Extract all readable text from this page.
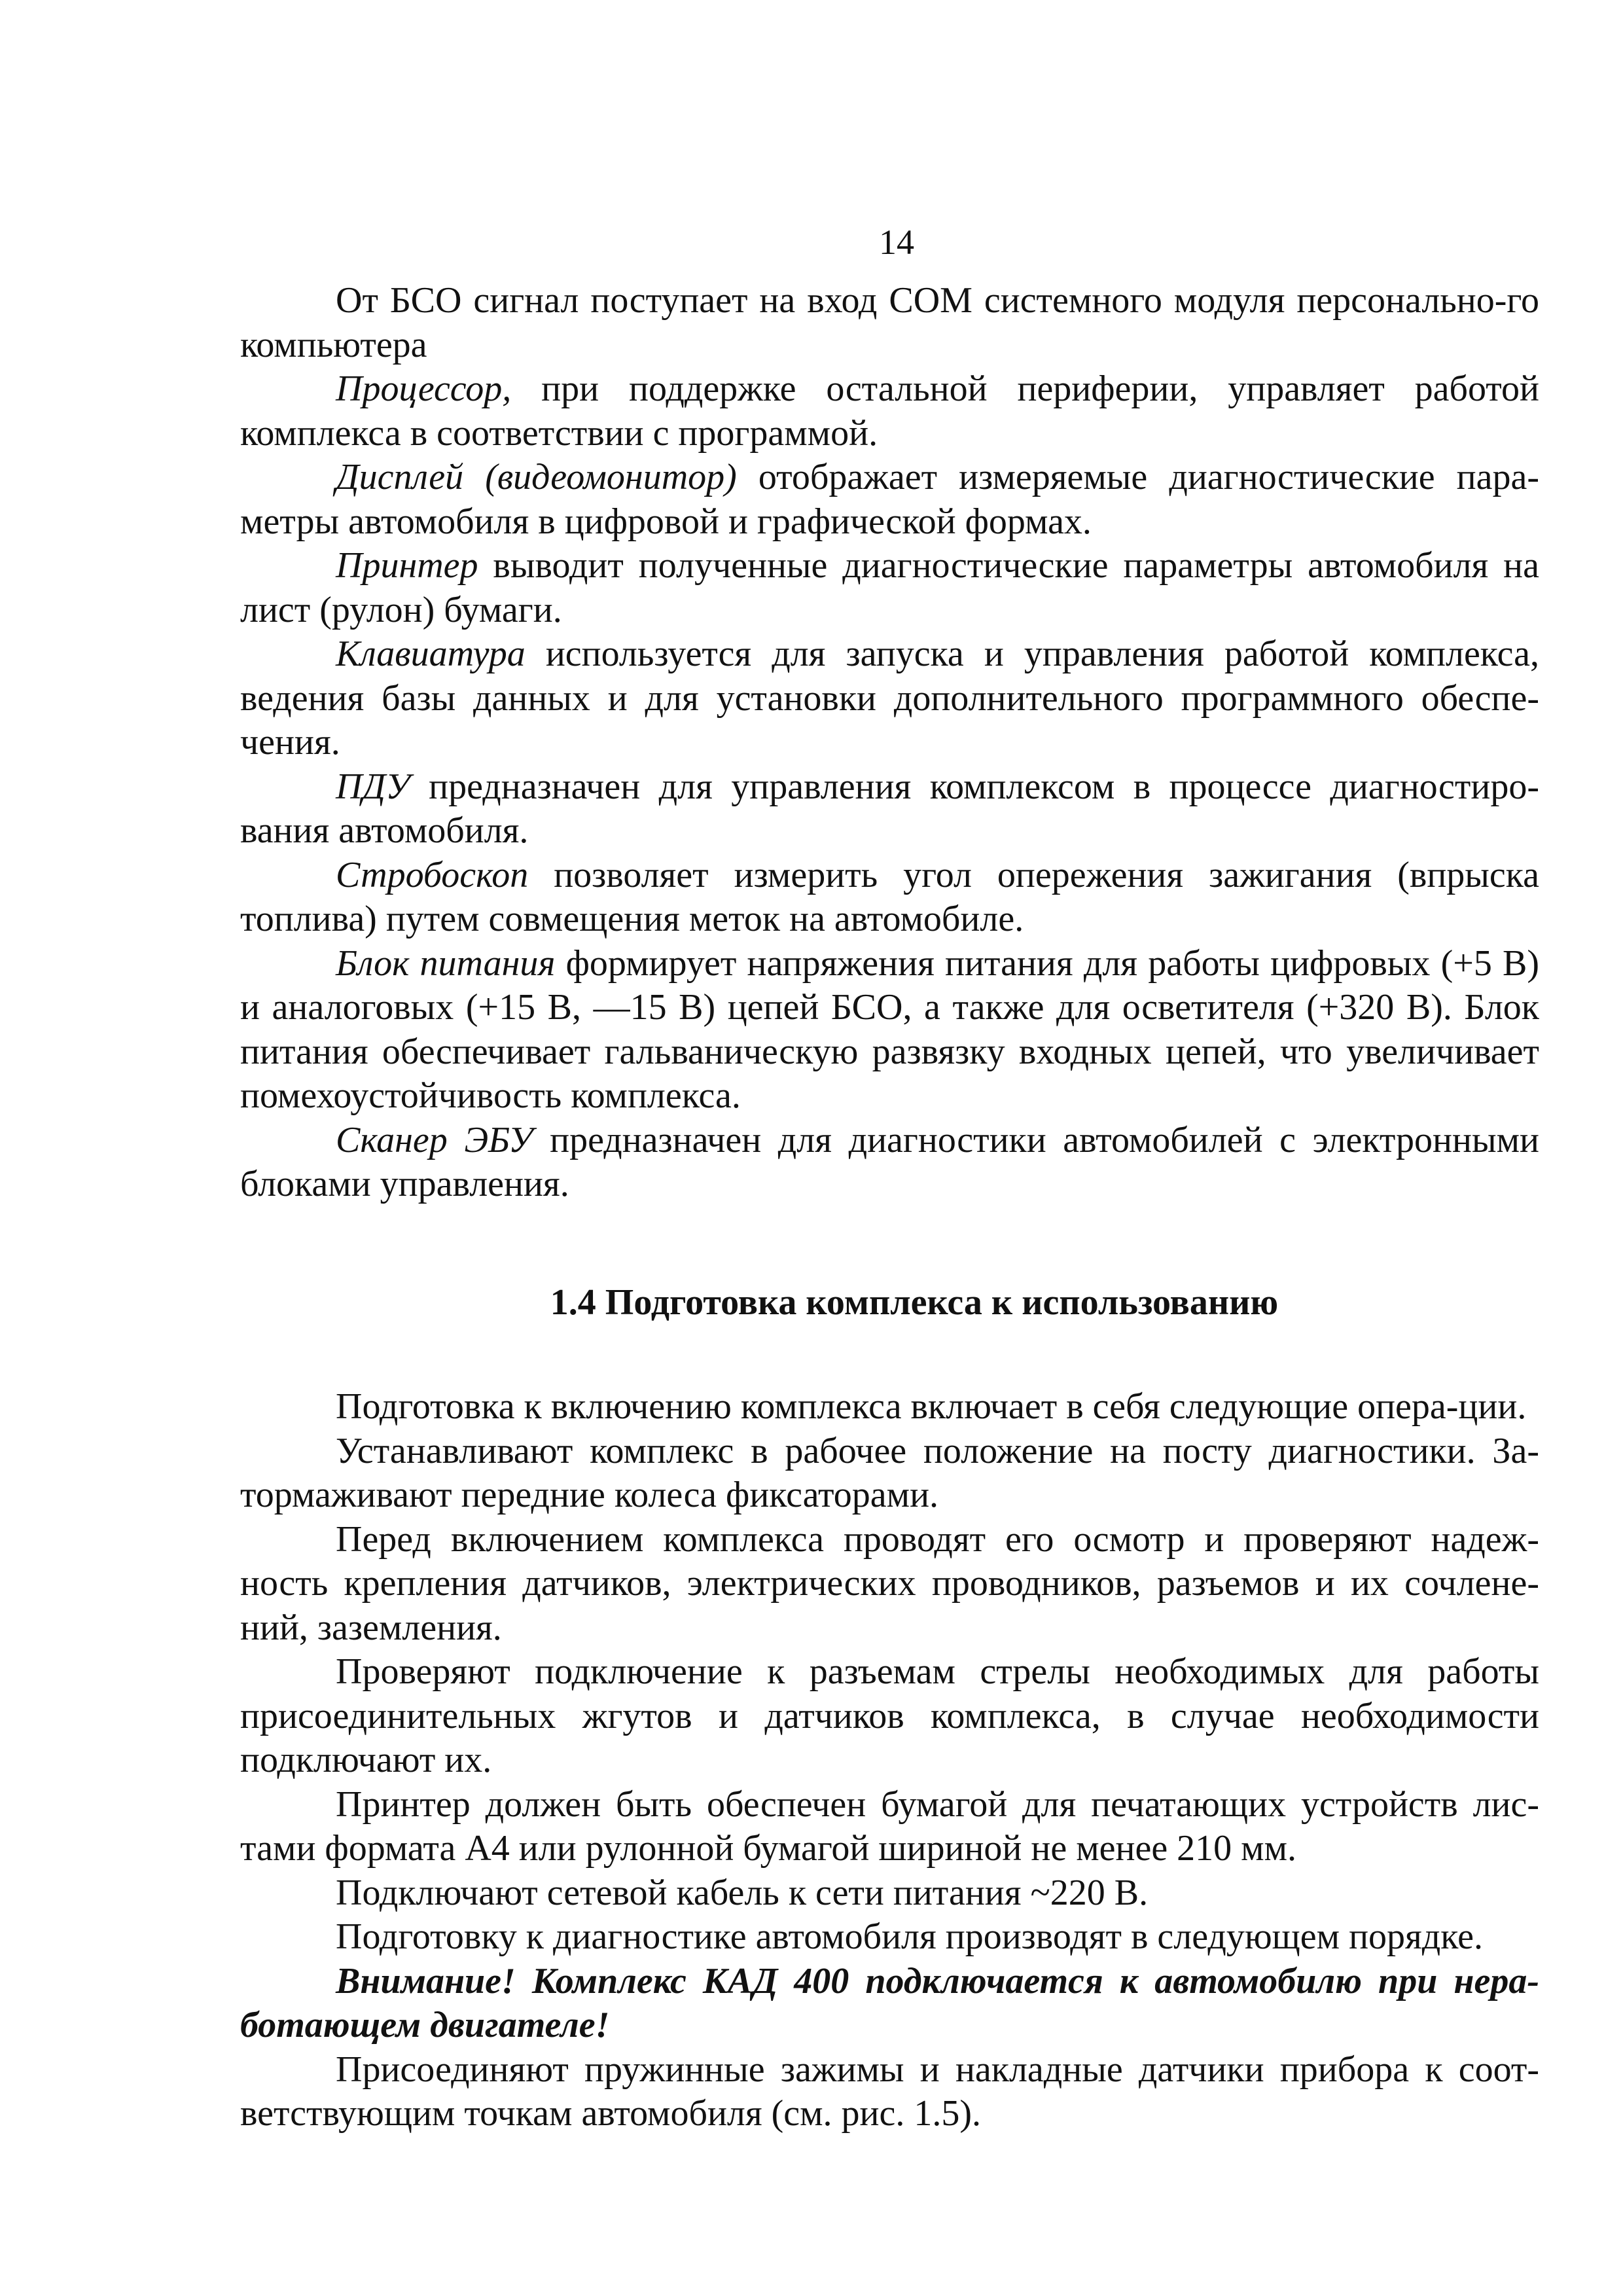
14

От БСО сигнал поступает на вход СОМ системного модуля персонально-го компьютера

Процессор, при поддержке остальной периферии, управляет работой комплекса в соответствии с программой.

Дисплей (видеомонитор) отображает измеряемые диагностические пара-метры автомобиля в цифровой и графической формах.

Принтер выводит полученные диагностические параметры автомобиля на лист (рулон) бумаги.

Клавиатура используется для запуска и управления работой комплекса, ведения базы данных и для установки дополнительного программного обеспе-чения.

ПДУ предназначен для управления комплексом в процессе диагностиро-вания автомобиля.

Стробоскоп позволяет измерить угол опережения зажигания (впрыска топлива) путем совмещения меток на автомобиле.

Блок питания формирует напряжения питания для работы цифровых (+5 В) и аналоговых (+15 В, —15 В) цепей БСО, а также для осветителя (+320 В). Блок питания обеспечивает гальваническую развязку входных цепей, что увеличивает помехоустойчивость комплекса.

Сканер ЭБУ предназначен для диагностики автомобилей с электронными блоками управления.

1.4 Подготовка комплекса к использованию

Подготовка к включению комплекса включает в себя следующие опера-ции.

Устанавливают комплекс в рабочее положение на посту диагностики. За-тормаживают передние колеса фиксаторами.

Перед включением комплекса проводят его осмотр и проверяют надеж-ность крепления датчиков, электрических проводников, разъемов и их сочлене-ний, заземления.

Проверяют подключение к разъемам стрелы необходимых для работы присоединительных жгутов и датчиков комплекса, в случае необходимости подключают их.

Принтер должен быть обеспечен бумагой для печатающих устройств лис-тами формата А4 или рулонной бумагой шириной не менее 210 мм.

Подключают сетевой кабель к сети питания ~220 В.

Подготовку к диагностике автомобиля производят в следующем порядке.

Внимание! Комплекс КАД 400 подключается к автомобилю при нера-ботающем двигателе!

Присоединяют пружинные зажимы и накладные датчики прибора к соот-ветствующим точкам автомобиля (см. рис. 1.5).
